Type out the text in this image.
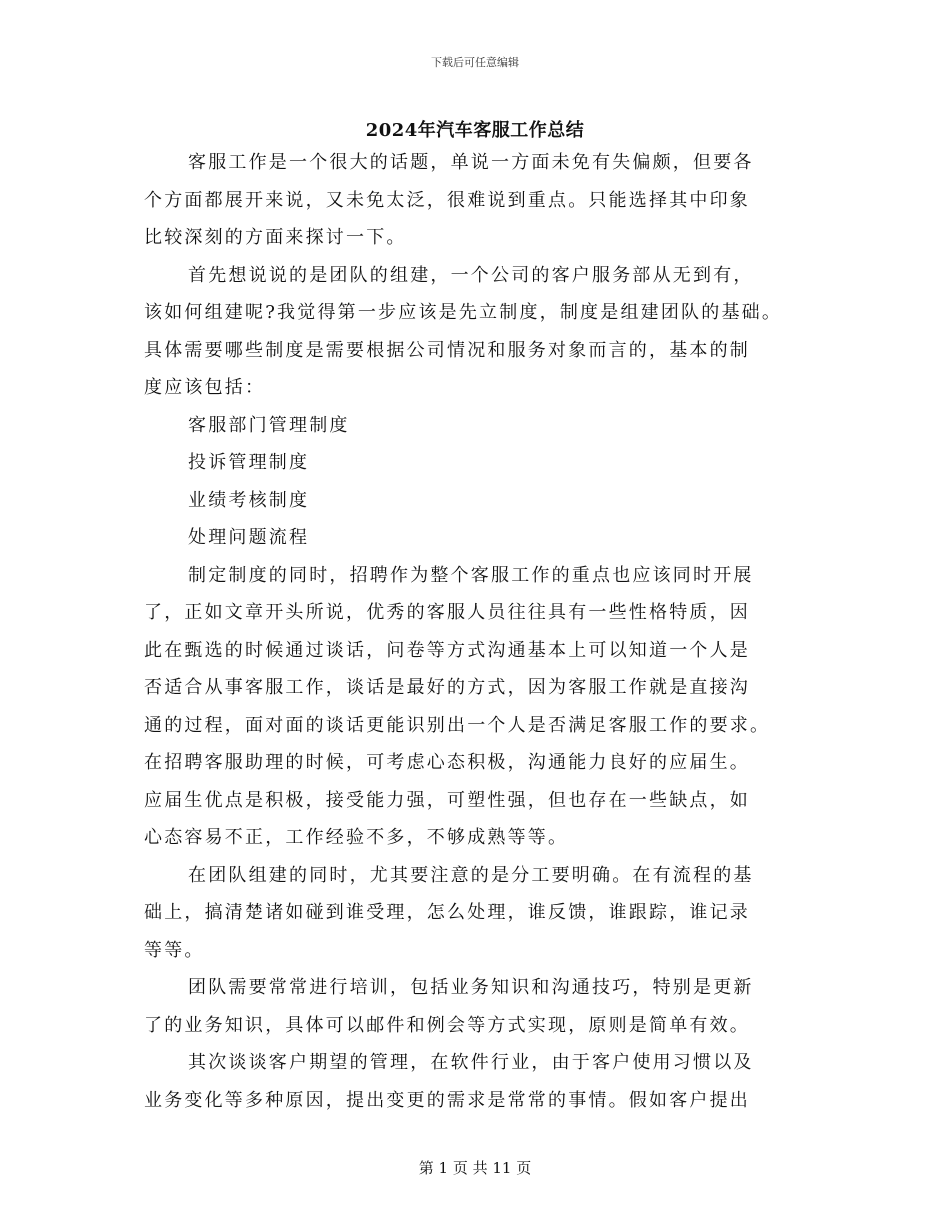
下载后可任意编辑
2024年汽车客服工作总结
客服工作是一个很大的话题，单说一方面未免有失偏颇，但要各
个方面都展开来说，又未免太泛，很难说到重点。只能选择其中印象
比较深刻的方面来探讨一下。
首先想说说的是团队的组建，一个公司的客户服务部从无到有，
该如何组建呢?我觉得第一步应该是先立制度，制度是组建团队的基础。
具体需要哪些制度是需要根据公司情况和服务对象而言的，基本的制
度应该包括：
客服部门管理制度
投诉管理制度
业绩考核制度
处理问题流程
制定制度的同时，招聘作为整个客服工作的重点也应该同时开展
了，正如文章开头所说，优秀的客服人员往往具有一些性格特质，因
此在甄选的时候通过谈话，问卷等方式沟通基本上可以知道一个人是
否适合从事客服工作，谈话是最好的方式，因为客服工作就是直接沟
通的过程，面对面的谈话更能识别出一个人是否满足客服工作的要求。
在招聘客服助理的时候，可考虑心态积极，沟通能力良好的应届生。
应届生优点是积极，接受能力强，可塑性强，但也存在一些缺点，如
心态容易不正，工作经验不多，不够成熟等等。
在团队组建的同时，尤其要注意的是分工要明确。在有流程的基
础上，搞清楚诸如碰到谁受理，怎么处理，谁反馈，谁跟踪，谁记录
等等。
团队需要常常进行培训，包括业务知识和沟通技巧，特别是更新
了的业务知识，具体可以邮件和例会等方式实现，原则是简单有效。
其次谈谈客户期望的管理，在软件行业，由于客户使用习惯以及
业务变化等多种原因，提出变更的需求是常常的事情。假如客户提出
第 1 页 共 11 页
